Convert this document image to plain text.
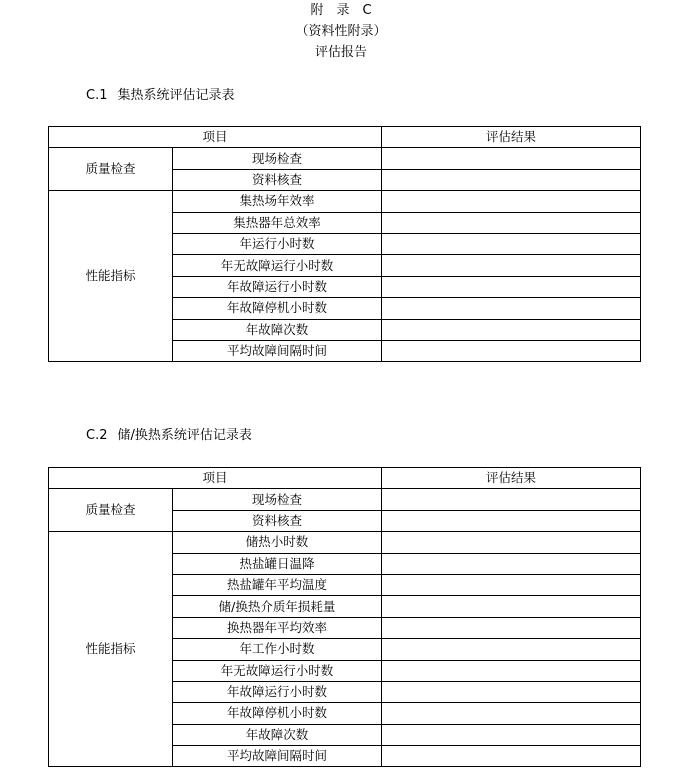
附　录　C
（资料性附录）
评估报告
C.1 集热系统评估记录表
项目		评估结果
质量检查	现场检查	
	资料核查	
性能指标	集热场年效率	
	集热器年总效率	
	年运行小时数	
	年无故障运行小时数	
	年故障运行小时数	
	年故障停机小时数	
	年故障次数	
	平均故障间隔时间	
C.2 储/换热系统评估记录表
项目		评估结果
质量检查	现场检查	
	资料核查	
性能指标	储热小时数	
	热盐罐日温降	
	热盐罐年平均温度	
	储/换热介质年损耗量	
	换热器年平均效率	
	年工作小时数	
	年无故障运行小时数	
	年故障运行小时数	
	年故障停机小时数	
	年故障次数	
	平均故障间隔时间	
